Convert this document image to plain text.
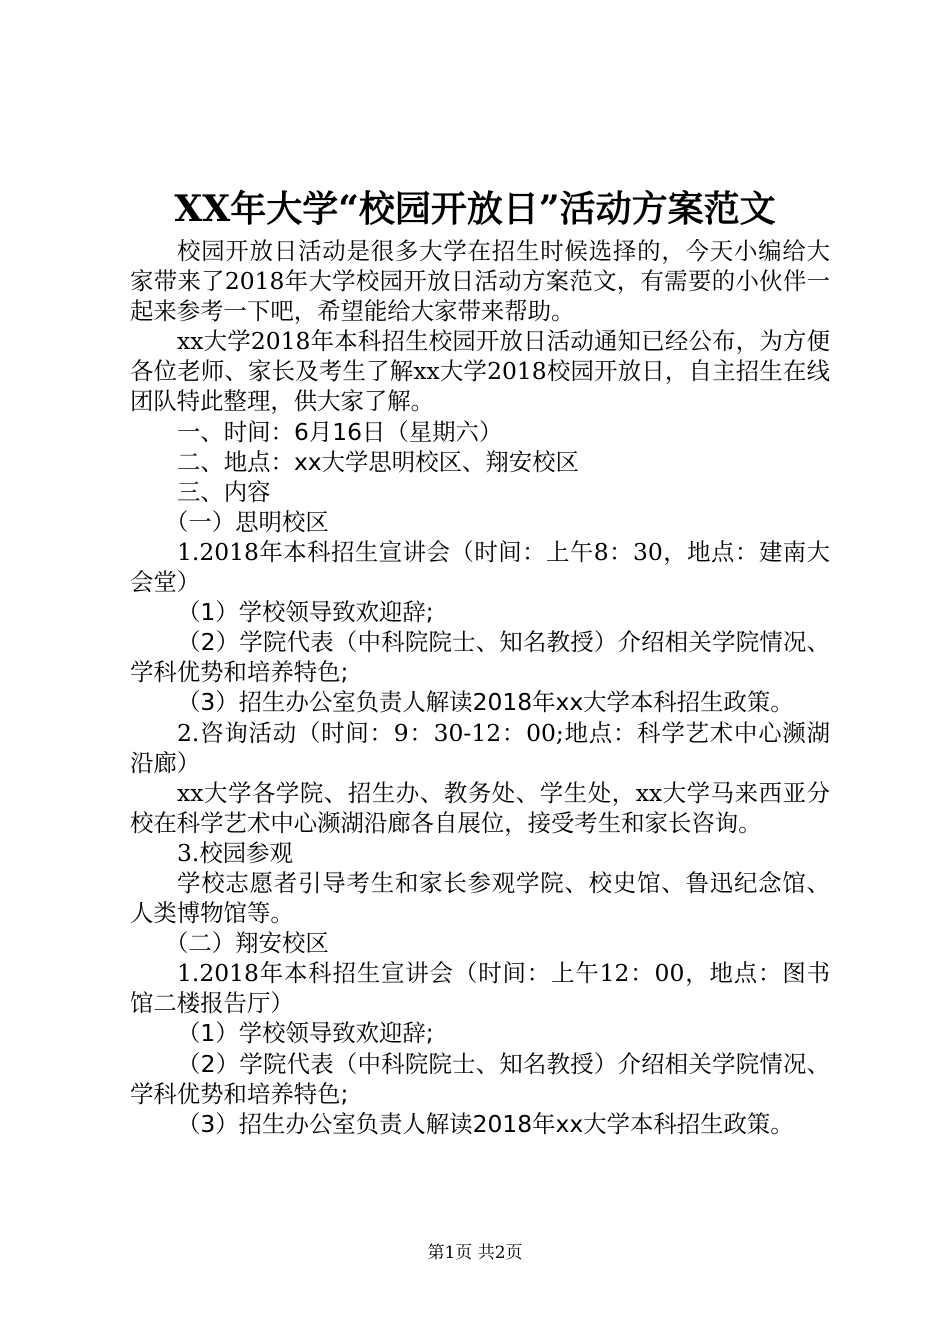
XX年大学“校园开放日”活动方案范文

校园开放日活动是很多大学在招生时候选择的，今天小编给大家带来了2018年大学校园开放日活动方案范文，有需要的小伙伴一起来参考一下吧，希望能给大家带来帮助。

xx大学2018年本科招生校园开放日活动通知已经公布，为方便各位老师、家长及考生了解xx大学2018校园开放日，自主招生在线团队特此整理，供大家了解。

一、时间：6月16日（星期六）

二、地点：xx大学思明校区、翔安校区

三、内容

（一）思明校区

1.2018年本科招生宣讲会（时间：上午8：30，地点：建南大会堂）

（1）学校领导致欢迎辞;

（2）学院代表（中科院院士、知名教授）介绍相关学院情况、学科优势和培养特色;

（3）招生办公室负责人解读2018年xx大学本科招生政策。

2.咨询活动（时间：9：30-12：00;地点：科学艺术中心濒湖沿廊）

xx大学各学院、招生办、教务处、学生处，xx大学马来西亚分校在科学艺术中心濒湖沿廊各自展位，接受考生和家长咨询。

3.校园参观

学校志愿者引导考生和家长参观学院、校史馆、鲁迅纪念馆、人类博物馆等。

（二）翔安校区

1.2018年本科招生宣讲会（时间：上午12：00，地点：图书馆二楼报告厅）

（1）学校领导致欢迎辞;

（2）学院代表（中科院院士、知名教授）介绍相关学院情况、学科优势和培养特色;

（3）招生办公室负责人解读2018年xx大学本科招生政策。

第1页 共2页
